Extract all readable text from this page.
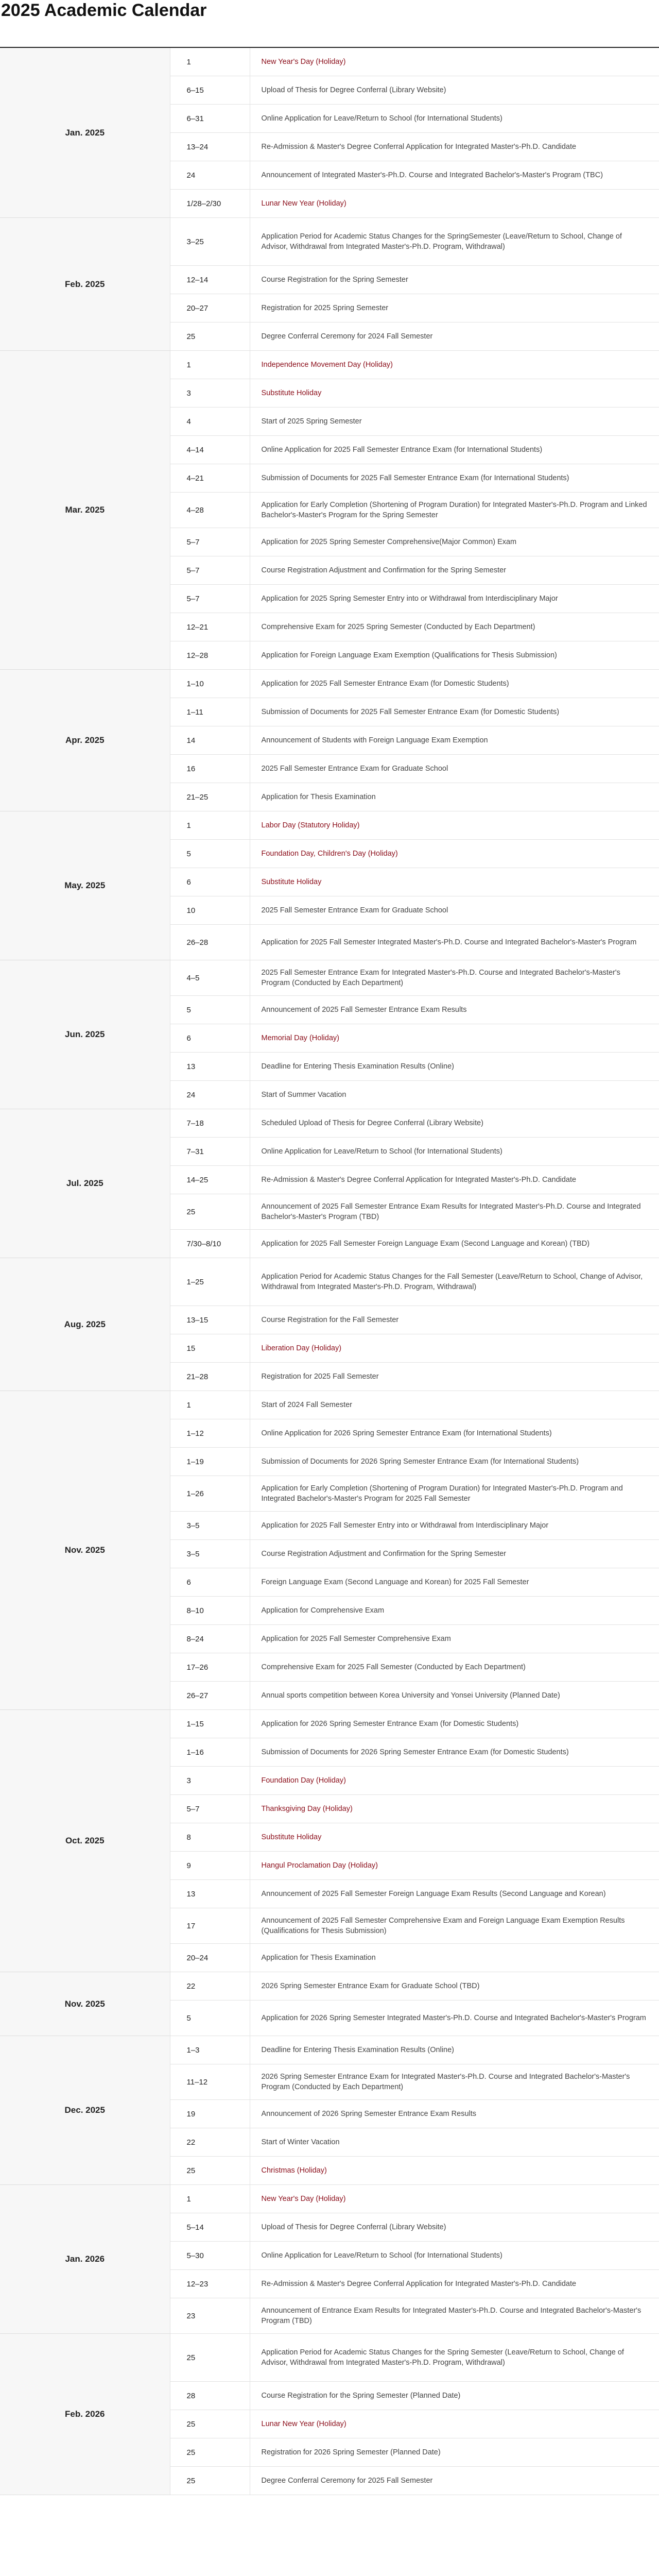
2025 Academic Calendar
Jan. 2025	1	New Year's Day (Holiday)
	6–15	Upload of Thesis for Degree Conferral (Library Website)
	6–31	Online Application for Leave/Return to School (for International Students)
	13–24	Re-Admission & Master's Degree Conferral Application for Integrated Master's-Ph.D. Candidate
	24	Announcement of Integrated Master's-Ph.D. Course and Integrated Bachelor's-Master's Program (TBC)
	1/28–2/30	Lunar New Year (Holiday)
Feb. 2025	3–25	Application Period for Academic Status Changes for the SpringSemester (Leave/Return to School, Change of Advisor, Withdrawal from Integrated Master's-Ph.D. Program, Withdrawal)
	12–14	Course Registration for the Spring Semester
	20–27	Registration for 2025 Spring Semester
	25	Degree Conferral Ceremony for 2024 Fall Semester
Mar. 2025	1	Independence Movement Day (Holiday)
	3	Substitute Holiday
	4	Start of 2025 Spring Semester
	4–14	Online Application for 2025 Fall Semester Entrance Exam (for International Students)
	4–21	Submission of Documents for 2025 Fall Semester Entrance Exam (for International Students)
	4–28	Application for Early Completion (Shortening of Program Duration) for Integrated Master's-Ph.D. Program and Linked Bachelor's-Master's Program for the Spring Semester
	5–7	Application for 2025 Spring Semester Comprehensive(Major Common) Exam
	5–7	Course Registration Adjustment and Confirmation for the Spring Semester
	5–7	Application for 2025 Spring Semester Entry into or Withdrawal from Interdisciplinary Major
	12–21	Comprehensive Exam for 2025 Spring Semester (Conducted by Each Department)
	12–28	Application for Foreign Language Exam Exemption (Qualifications for Thesis Submission)
Apr. 2025	1–10	Application for 2025 Fall Semester Entrance Exam (for Domestic Students)
	1–11	Submission of Documents for 2025 Fall Semester Entrance Exam (for Domestic Students)
	14	Announcement of Students with Foreign Language Exam Exemption
	16	2025 Fall Semester Entrance Exam for Graduate School
	21–25	Application for Thesis Examination
May. 2025	1	Labor Day (Statutory Holiday)
	5	Foundation Day, Children's Day (Holiday)
	6	Substitute Holiday
	10	2025 Fall Semester Entrance Exam for Graduate School
	26–28	Application for 2025 Fall Semester Integrated Master's-Ph.D. Course and Integrated Bachelor's-Master's Program
Jun. 2025	4–5	2025 Fall Semester Entrance Exam for Integrated Master's-Ph.D. Course and Integrated Bachelor's-Master's Program (Conducted by Each Department)
	5	Announcement of 2025 Fall Semester Entrance Exam Results
	6	Memorial Day (Holiday)
	13	Deadline for Entering Thesis Examination Results (Online)
	24	Start of Summer Vacation
Jul. 2025	7–18	Scheduled Upload of Thesis for Degree Conferral (Library Website)
	7–31	Online Application for Leave/Return to School (for International Students)
	14–25	Re-Admission & Master's Degree Conferral Application for Integrated Master's-Ph.D. Candidate
	25	Announcement of 2025 Fall Semester Entrance Exam Results for Integrated Master's-Ph.D. Course and Integrated Bachelor's-Master's Program (TBD)
	7/30–8/10	Application for 2025 Fall Semester Foreign Language Exam (Second Language and Korean) (TBD)
Aug. 2025	1–25	Application Period for Academic Status Changes for the Fall Semester (Leave/Return to School, Change of Advisor, Withdrawal from Integrated Master's-Ph.D. Program, Withdrawal)
	13–15	Course Registration for the Fall Semester
	15	Liberation Day (Holiday)
	21–28	Registration for 2025 Fall Semester
Nov. 2025	1	Start of 2024 Fall Semester
	1–12	Online Application for 2026 Spring Semester Entrance Exam (for International Students)
	1–19	Submission of Documents for 2026 Spring Semester Entrance Exam (for International Students)
	1–26	Application for Early Completion (Shortening of Program Duration) for Integrated Master's-Ph.D. Program and Integrated Bachelor's-Master's Program for 2025 Fall Semester
	3–5	Application for 2025 Fall Semester Entry into or Withdrawal from Interdisciplinary Major
	3–5	Course Registration Adjustment and Confirmation for the Spring Semester
	6	Foreign Language Exam (Second Language and Korean) for 2025 Fall Semester
	8–10	Application for Comprehensive Exam
	8–24	Application for 2025 Fall Semester Comprehensive Exam
	17–26	Comprehensive Exam for 2025 Fall Semester (Conducted by Each Department)
	26–27	Annual sports competition between Korea University and Yonsei University (Planned Date)
Oct. 2025	1–15	Application for 2026 Spring Semester Entrance Exam (for Domestic Students)
	1–16	Submission of Documents for 2026 Spring Semester Entrance Exam (for Domestic Students)
	3	Foundation Day (Holiday)
	5–7	Thanksgiving Day (Holiday)
	8	Substitute Holiday
	9	Hangul Proclamation Day (Holiday)
	13	Announcement of 2025 Fall Semester Foreign Language Exam Results (Second Language and Korean)
	17	Announcement of 2025 Fall Semester Comprehensive Exam and Foreign Language Exam Exemption Results (Qualifications for Thesis Submission)
	20–24	Application for Thesis Examination
Nov. 2025	22	2026 Spring Semester Entrance Exam for Graduate School (TBD)
	5	Application for 2026 Spring Semester Integrated Master's-Ph.D. Course and Integrated Bachelor's-Master's Program
Dec. 2025	1–3	Deadline for Entering Thesis Examination Results (Online)
	11–12	2026 Spring Semester Entrance Exam for Integrated Master's-Ph.D. Course and Integrated Bachelor's-Master's Program (Conducted by Each Department)
	19	Announcement of 2026 Spring Semester Entrance Exam Results
	22	Start of Winter Vacation
	25	Christmas (Holiday)
Jan. 2026	1	New Year's Day (Holiday)
	5–14	Upload of Thesis for Degree Conferral (Library Website)
	5–30	Online Application for Leave/Return to School (for International Students)
	12–23	Re-Admission & Master's Degree Conferral Application for Integrated Master's-Ph.D. Candidate
	23	Announcement of Entrance Exam Results for Integrated Master's-Ph.D. Course and Integrated Bachelor's-Master's Program (TBD)
Feb. 2026	25	Application Period for Academic Status Changes for the Spring Semester (Leave/Return to School, Change of Advisor, Withdrawal from Integrated Master's-Ph.D. Program, Withdrawal)
	28	Course Registration for the Spring Semester (Planned Date)
	25	Lunar New Year (Holiday)
	25	Registration for 2026 Spring Semester (Planned Date)
	25	Degree Conferral Ceremony for 2025 Fall Semester
